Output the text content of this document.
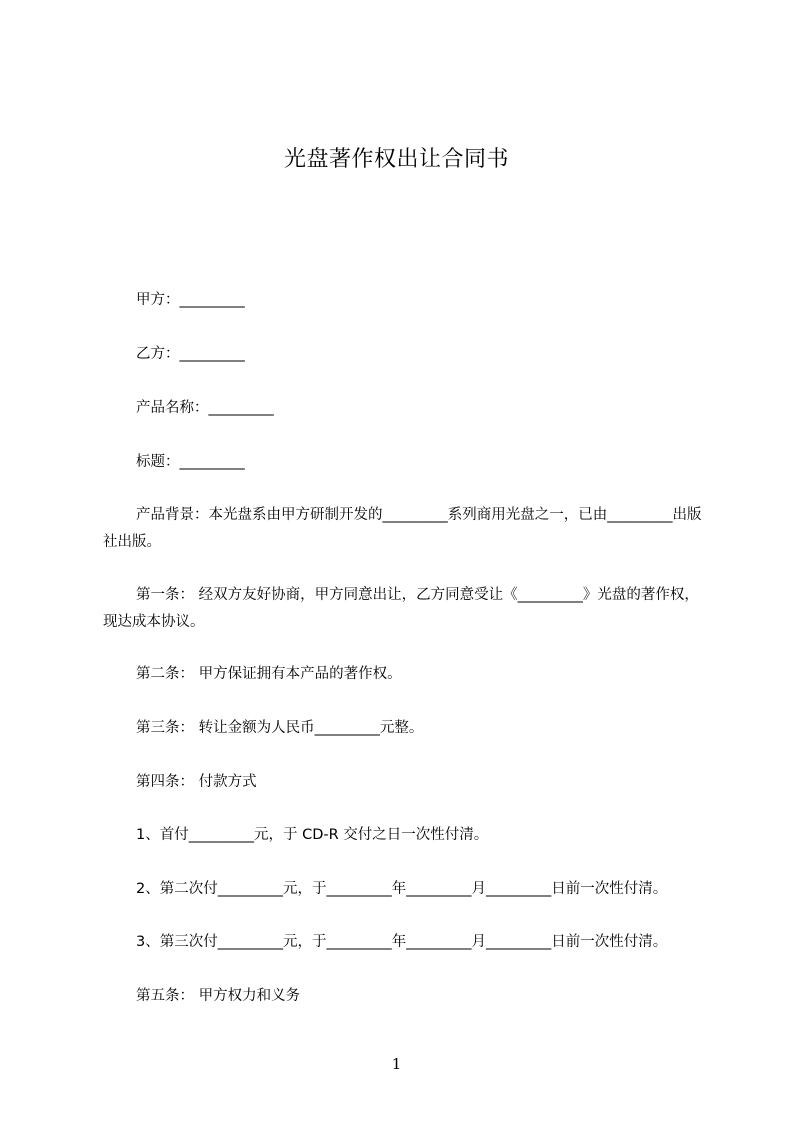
光盘著作权出让合同书
甲方：_________
乙方：_________
产品名称：_________
标题：_________
产品背景：本光盘系由甲方研制开发的_________系列商用光盘之一，已由_________出版社出版。
第一条： 经双方友好协商，甲方同意出让，乙方同意受让《_________》光盘的著作权，现达成本协议。
第二条： 甲方保证拥有本产品的著作权。
第三条： 转让金额为人民币_________元整。
第四条： 付款方式
1、首付_________元，于 CD-R 交付之日一次性付清。
2、第二次付_________元，于_________年_________月_________日前一次性付清。
3、第三次付_________元，于_________年_________月_________日前一次性付清。
第五条： 甲方权力和义务
1
